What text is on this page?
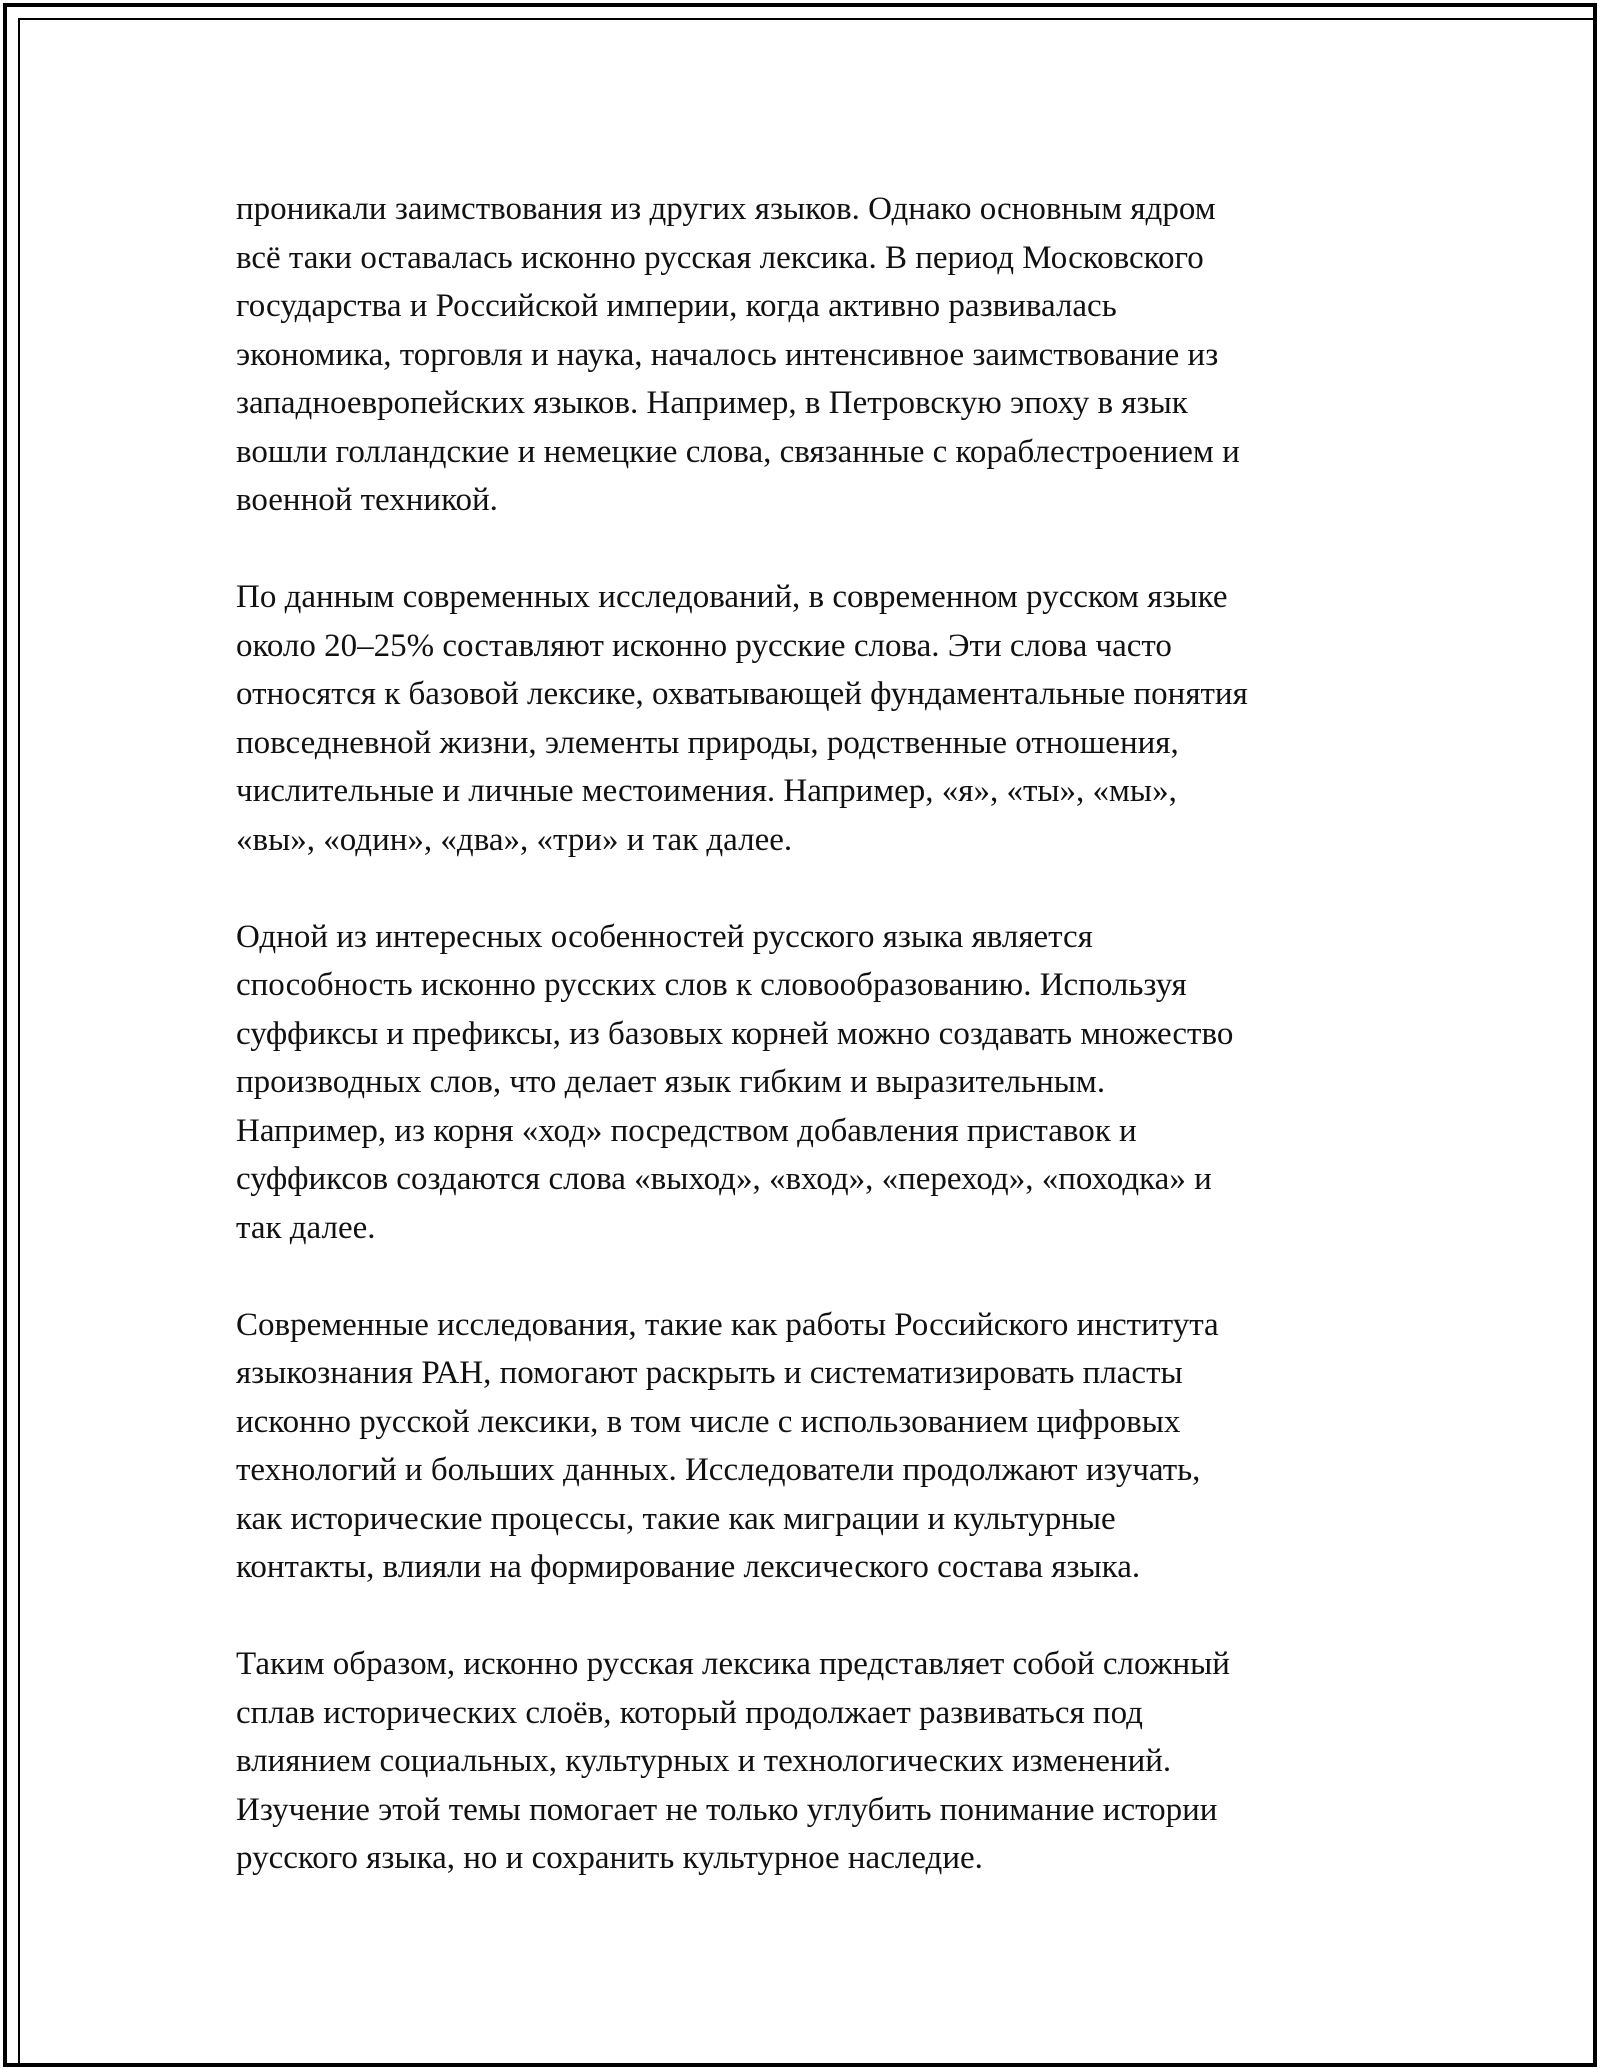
проникали заимствования из других языков. Однако основным ядром
всё таки оставалась исконно русская лексика. В период Московского
государства и Российской империи, когда активно развивалась
экономика, торговля и наука, началось интенсивное заимствование из
западноевропейских языков. Например, в Петровскую эпоху в язык
вошли голландские и немецкие слова, связанные с кораблестроением и
военной техникой.

По данным современных исследований, в современном русском языке
около 20–25% составляют исконно русские слова. Эти слова часто
относятся к базовой лексике, охватывающей фундаментальные понятия
повседневной жизни, элементы природы, родственные отношения,
числительные и личные местоимения. Например, «я», «ты», «мы»,
«вы», «один», «два», «три» и так далее.

Одной из интересных особенностей русского языка является
способность исконно русских слов к словообразованию. Используя
суффиксы и префиксы, из базовых корней можно создавать множество
производных слов, что делает язык гибким и выразительным.
Например, из корня «ход» посредством добавления приставок и
суффиксов создаются слова «выход», «вход», «переход», «походка» и
так далее.

Современные исследования, такие как работы Российского института
языкознания РАН, помогают раскрыть и систематизировать пласты
исконно русской лексики, в том числе с использованием цифровых
технологий и больших данных. Исследователи продолжают изучать,
как исторические процессы, такие как миграции и культурные
контакты, влияли на формирование лексического состава языка.

Таким образом, исконно русская лексика представляет собой сложный
сплав исторических слоёв, который продолжает развиваться под
влиянием социальных, культурных и технологических изменений.
Изучение этой темы помогает не только углубить понимание истории
русского языка, но и сохранить культурное наследие.
